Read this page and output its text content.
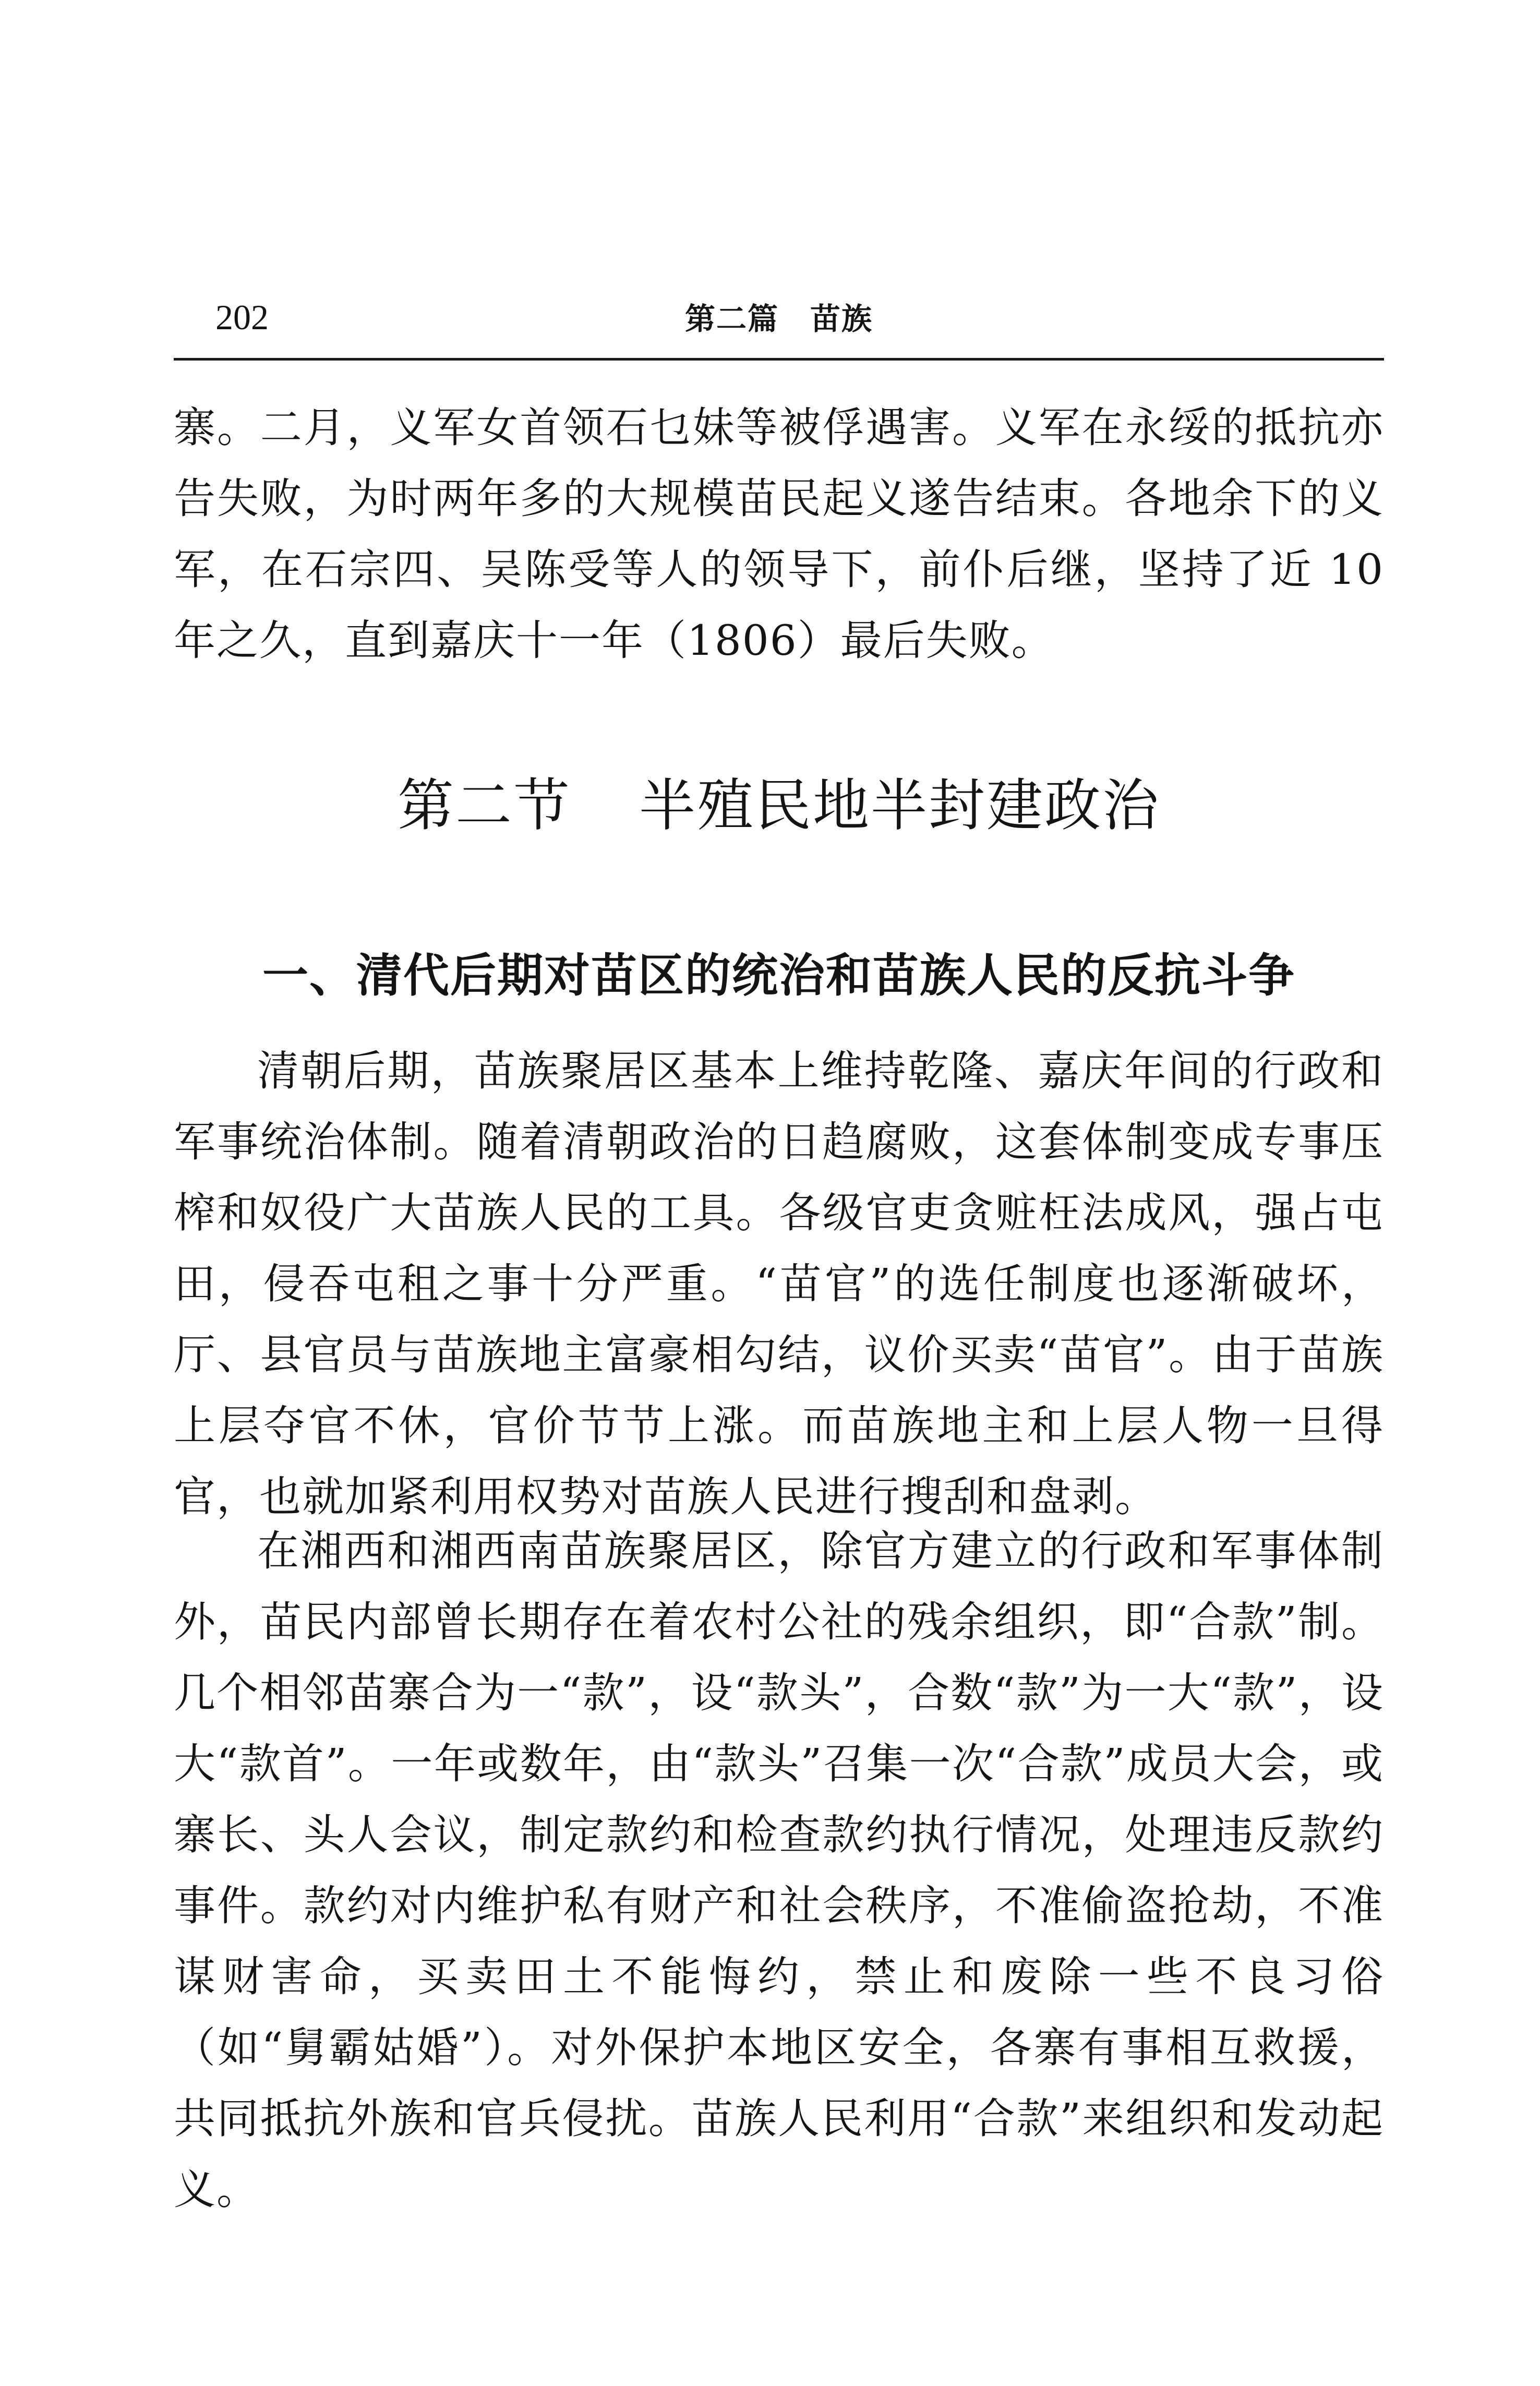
202	第二篇　苗族

寨。二月，义军女首领石乜妹等被俘遇害。义军在永绥的抵抗亦告失败，为时两年多的大规模苗民起义遂告结束。各地余下的义军，在石宗四、吴陈受等人的领导下，前仆后继，坚持了近 10 年之久，直到嘉庆十一年（1806）最后失败。

第二节 半殖民地半封建政治
一、清代后期对苗区的统治和苗族人民的反抗斗争

清朝后期，苗族聚居区基本上维持乾隆、嘉庆年间的行政和军事统治体制。随着清朝政治的日趋腐败，这套体制变成专事压榨和奴役广大苗族人民的工具。各级官吏贪赃枉法成风，强占屯田，侵吞屯租之事十分严重。“苗官”的选任制度也逐渐破坏，厅、县官员与苗族地主富豪相勾结，议价买卖“苗官”。由于苗族上层夺官不休，官价节节上涨。而苗族地主和上层人物一旦得官，也就加紧利用权势对苗族人民进行搜刮和盘剥。

在湘西和湘西南苗族聚居区，除官方建立的行政和军事体制外，苗民内部曾长期存在着农村公社的残余组织，即“合款”制。几个相邻苗寨合为一“款”，设“款头”，合数“款”为一大“款”，设大“款首”。一年或数年，由“款头”召集一次“合款”成员大会，或寨长、头人会议，制定款约和检查款约执行情况，处理违反款约事件。款约对内维护私有财产和社会秩序，不准偷盗抢劫，不准谋财害命，买卖田土不能悔约，禁止和废除一些不良习俗（如“舅霸姑婚”）。对外保护本地区安全，各寨有事相互救援，共同抵抗外族和官兵侵扰。苗族人民利用“合款”来组织和发动起义。
